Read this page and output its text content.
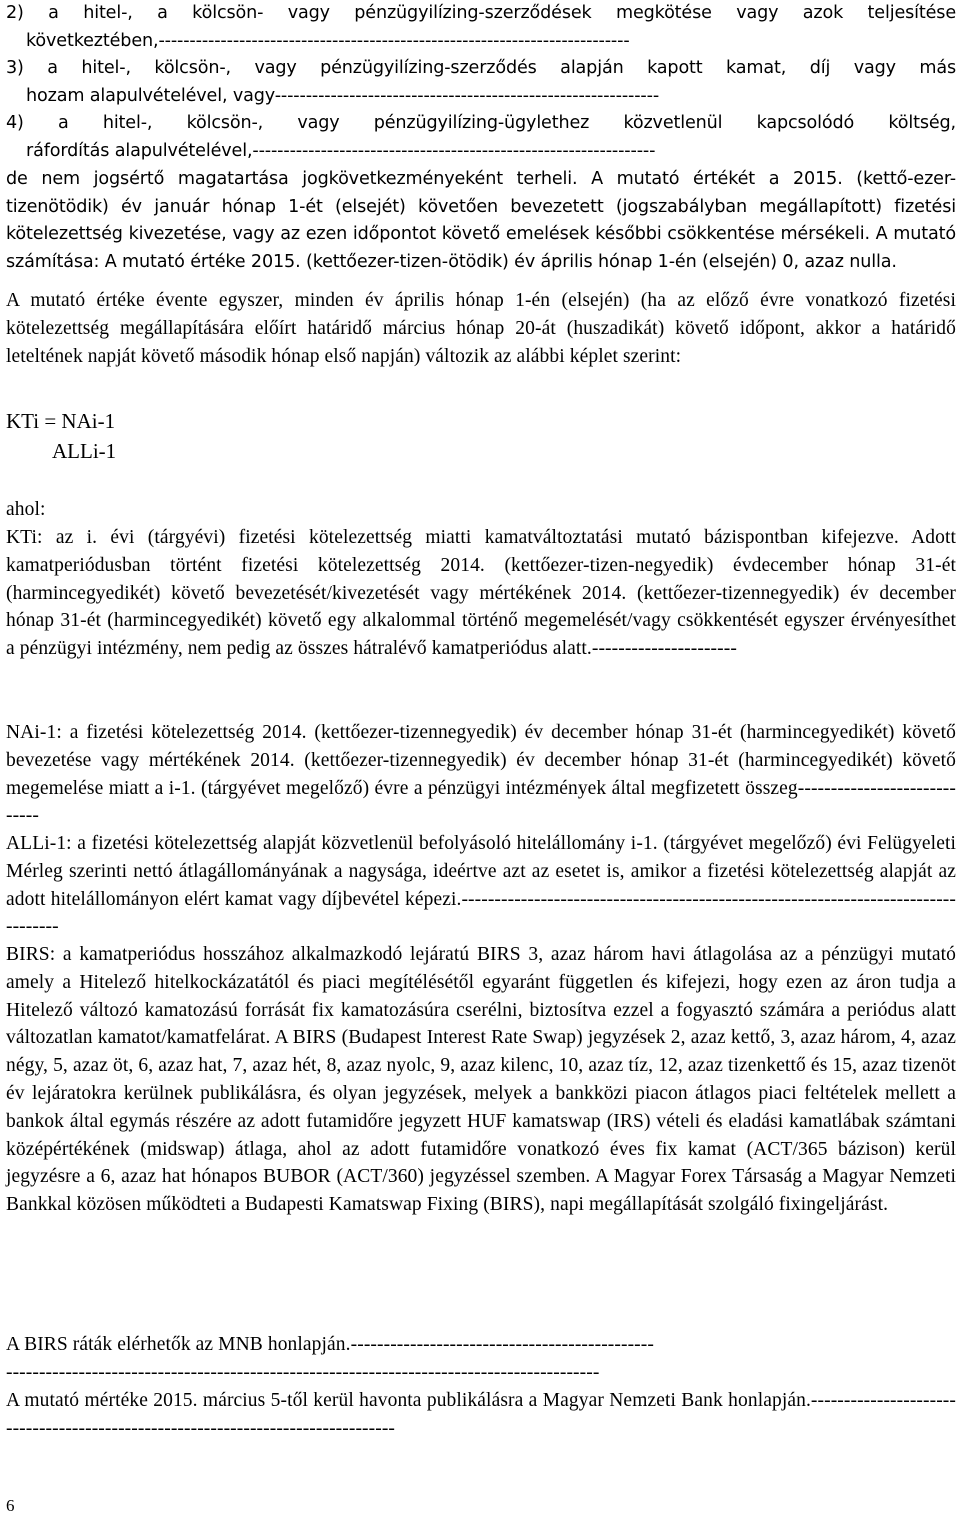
2) a hitel-, a kölcsön- vagy pénzügyilízing-szerződések megkötése vagy azok teljesítése
következtében,----------------------------------------------------------------------------
3) a hitel-, kölcsön-, vagy pénzügyilízing-szerződés alapján kapott kamat, díj vagy más
hozam alapulvételével, vagy--------------------------------------------------------------
4) a hitel-, kölcsön-, vagy pénzügyilízing-ügylethez közvetlenül kapcsolódó költség,
ráfordítás alapulvételével,-----------------------------------------------------------------

de nem jogsértő magatartása jogkövetkezményeként terheli. A mutató értékét a 2015. (kettő-ezer-tizenötödik) év január hónap 1-ét (elsejét) követően bevezetett (jogszabályban megállapított) fizetési kötelezettség kivezetése, vagy az ezen időpontot követő emelések későbbi csökkentése mérsékeli. A mutató számítása: A mutató értéke 2015. (kettőezer-tizen-ötödik) év április hónap 1-én (elsején) 0, azaz nulla.

A mutató értéke évente egyszer, minden év április hónap 1-én (elsején) (ha az előző évre vonatkozó fizetési kötelezettség megállapítására előírt határidő március hónap 20-át (huszadikát) követő időpont, akkor a határidő leteltének napját követő második hónap első napján) változik az alábbi képlet szerint:

KTi = NAi-1
ALLi-1

ahol:

KTi: az i. évi (tárgyévi) fizetési kötelezettség miatti kamatváltoztatási mutató bázispontban kifejezve. Adott kamatperiódusban történt fizetési kötelezettség 2014. (kettőezer-tizen-negyedik) évdecember hónap 31-ét (harmincegyedikét) követő bevezetését/kivezetését vagy mértékének 2014. (kettőezer-tizennegyedik) év december hónap 31-ét (harmincegyedikét) követő egy alkalommal történő megemelését/vagy csökkentését egyszer érvényesíthet a pénzügyi intézmény, nem pedig az összes hátralévő kamatperiódus alatt.----------------------

NAi-1: a fizetési kötelezettség 2014. (kettőezer-tizennegyedik) év december hónap 31-ét (harmincegyedikét) követő bevezetése vagy mértékének 2014. (kettőezer-tizennegyedik) év december hónap 31-ét (harmincegyedikét) követő megemelése miatt a i-1. (tárgyévet megelőző) évre a pénzügyi intézmények által megfizetett összeg-----------------------------

ALLi-1: a fizetési kötelezettség alapját közvetlenül befolyásoló hitelállomány i-1. (tárgyévet megelőző) évi Felügyeleti Mérleg szerinti nettó átlagállományának a nagysága, ideértve azt az esetet is, amikor a fizetési kötelezettség alapját az adott hitelállományon elért kamat vagy díjbevétel képezi.-----------------------------------------------------------------------------------

BIRS: a kamatperiódus hosszához alkalmazkodó lejáratú BIRS 3, azaz három havi átlagolása az a pénzügyi mutató amely a Hitelező hitelkockázatától és piaci megítélésétől egyaránt független és kifejezi, hogy ezen az áron tudja a Hitelező változó kamatozású forrását fix kamatozásúra cserélni, biztosítva ezzel a fogyasztó számára a periódus alatt változatlan kamatot/kamatfelárat. A BIRS (Budapest Interest Rate Swap) jegyzések 2, azaz kettő, 3, azaz három, 4, azaz négy, 5, azaz öt, 6, azaz hat, 7, azaz hét, 8, azaz nyolc, 9, azaz kilenc, 10, azaz tíz, 12, azaz tizenkettő és 15, azaz tizenöt év lejáratokra kerülnek publikálásra, és olyan jegyzések, melyek a bankközi piacon átlagos piaci feltételek mellett a bankok által egymás részére az adott futamidőre jegyzett HUF kamatswap (IRS) vételi és eladási kamatlábak számtani középértékének (midswap) átlaga, ahol az adott futamidőre vonatkozó éves fix kamat (ACT/365 bázison) kerül jegyzésre a 6, azaz hat hónapos BUBOR (ACT/360) jegyzéssel szemben. A Magyar Forex Társaság a Magyar Nemzeti Bankkal közösen működteti a Budapesti Kamatswap Fixing (BIRS), napi megállapítását szolgáló fixingeljárást.

A BIRS ráták elérhetők az MNB honlapján.----------------------------------------------
------------------------------------------------------------------------------------------

A mutató mértéke 2015. március 5-től kerül havonta publikálásra a Magyar Nemzeti Bank honlapján.---------------------------------------------------------------------------------

6
